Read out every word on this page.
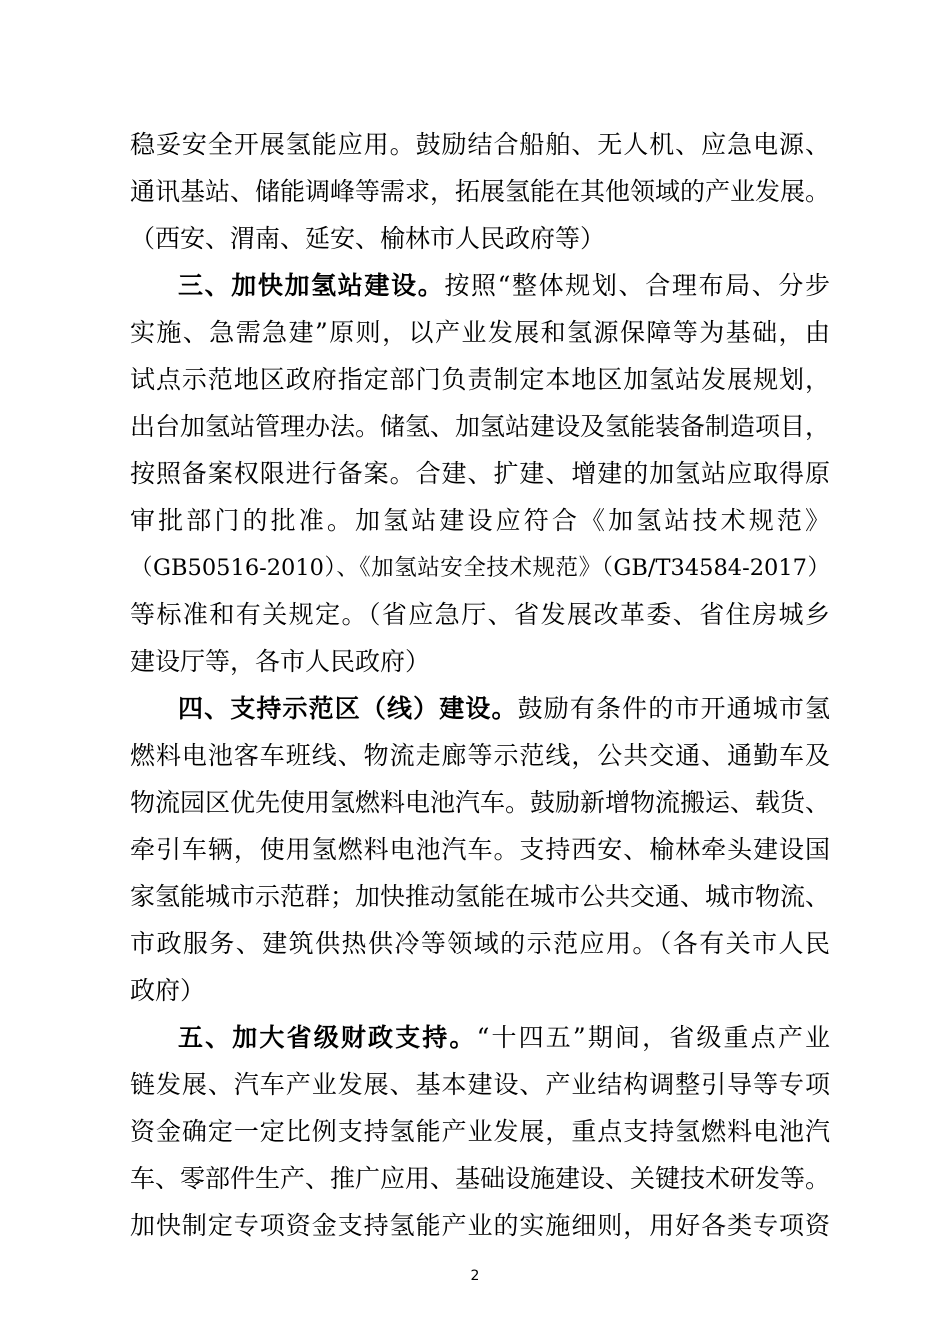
稳妥安全开展氢能应用。鼓励结合船舶、无人机、应急电源、
通讯基站、储能调峰等需求，拓展氢能在其他领域的产业发展。
（西安、渭南、延安、榆林市人民政府等）
三、加快加氢站建设。按照“整体规划、合理布局、分步
实施、急需急建”原则，以产业发展和氢源保障等为基础，由
试点示范地区政府指定部门负责制定本地区加氢站发展规划，
出台加氢站管理办法。储氢、加氢站建设及氢能装备制造项目，
按照备案权限进行备案。合建、扩建、增建的加氢站应取得原
审批部门的批准。加氢站建设应符合《加氢站技术规范》
（GB50516-2010）、《加氢站安全技术规范》（GB/T34584-2017）
等标准和有关规定。（省应急厅、省发展改革委、省住房城乡
建设厅等，各市人民政府）
四、支持示范区（线）建设。鼓励有条件的市开通城市氢
燃料电池客车班线、物流走廊等示范线，公共交通、通勤车及
物流园区优先使用氢燃料电池汽车。鼓励新增物流搬运、载货、
牵引车辆，使用氢燃料电池汽车。支持西安、榆林牵头建设国
家氢能城市示范群；加快推动氢能在城市公共交通、城市物流、
市政服务、建筑供热供冷等领域的示范应用。（各有关市人民
政府）
五、加大省级财政支持。“十四五”期间，省级重点产业
链发展、汽车产业发展、基本建设、产业结构调整引导等专项
资金确定一定比例支持氢能产业发展，重点支持氢燃料电池汽
车、零部件生产、推广应用、基础设施建设、关键技术研发等。
加快制定专项资金支持氢能产业的实施细则，用好各类专项资
2
